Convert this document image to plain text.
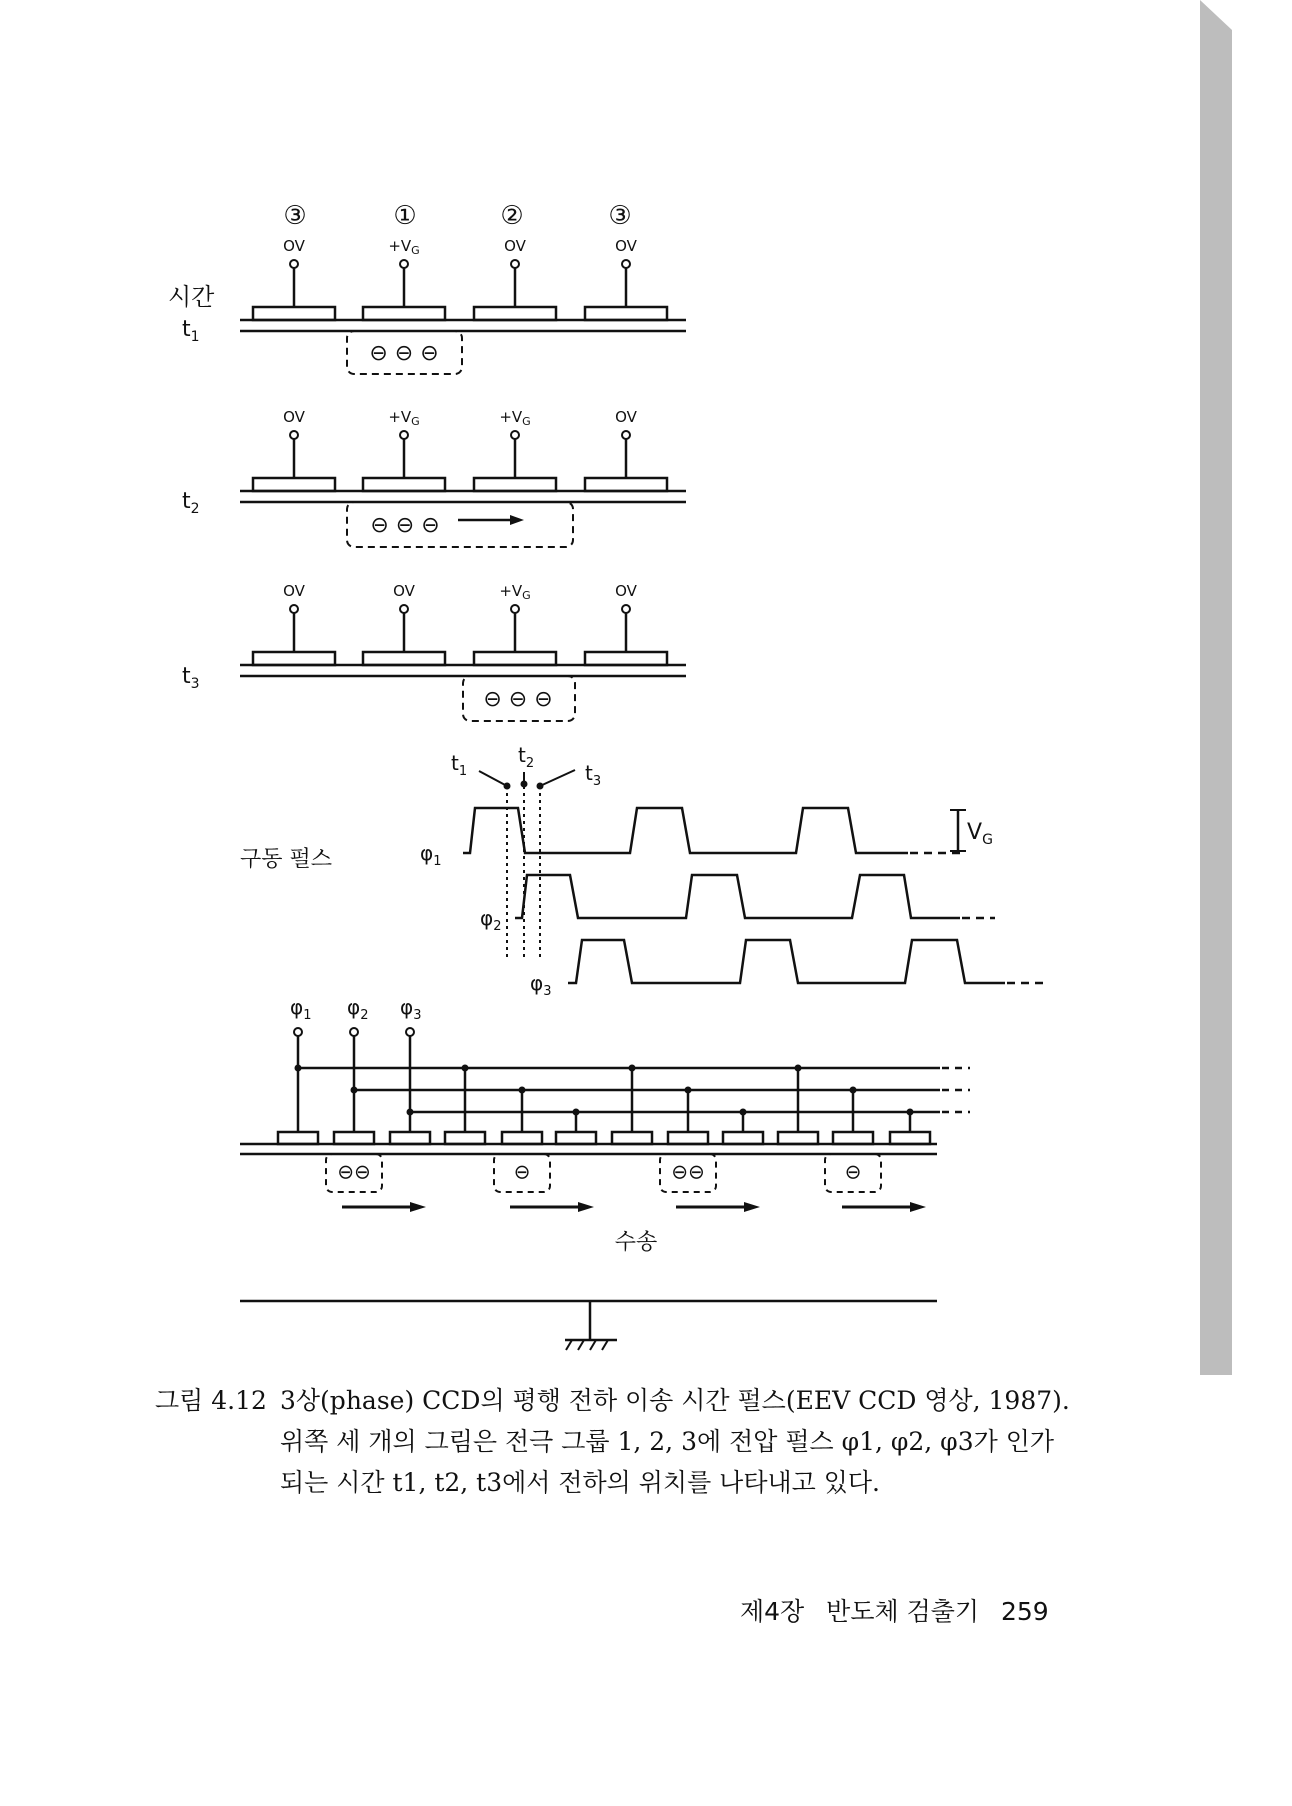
③	①	②	③
시간
OV	$+V_G$	OV	OV
⊖ ⊖ ⊖
$t_1$
OV	$+V_G$	$+V_G$	OV
⊖ ⊖ ⊖
$t_2$
OV	OV	$+V_G$	OV
⊖ ⊖ ⊖
$t_3$
구동 펄스
$t_1$
$t_2$	$t_3$
$\varphi_1$
$\varphi_2$
$\varphi_3$
$V_G$
$\varphi_1$ $\varphi_2$ $\varphi_3$
⊖⊖	⊖	⊖⊖	⊖
수송
그림 4.12 3상(phase) CCD의 평행 전하 이송 시간 펄스(EEV CCD 영상, 1987).
위쪽 세 개의 그림은 전극 그룹 1, 2, 3에 전압 펄스 φ1, φ2, φ3가 인가
되는 시간 t1, t2, t3에서 전하의 위치를 나타내고 있다.
제4장 반도체 검출기 259
